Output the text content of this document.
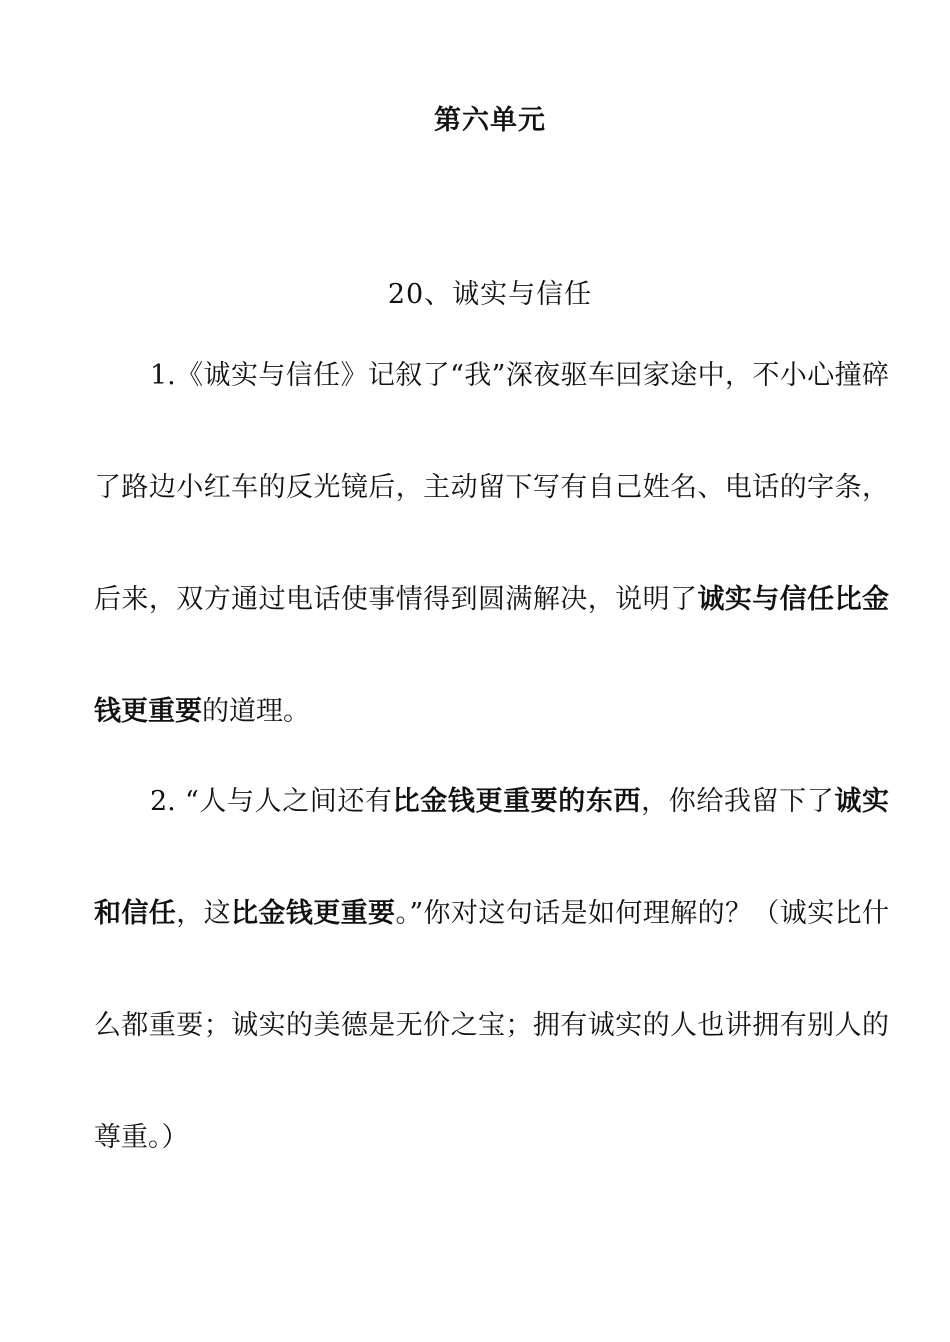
第六单元
20、诚实与信任
1.《诚实与信任》记叙了“我”深夜驱车回家途中，不小心撞碎了路边小红车的反光镜后，主动留下写有自己姓名、电话的字条，后来，双方通过电话使事情得到圆满解决，说明了诚实与信任比金钱更重要的道理。
2. “人与人之间还有比金钱更重要的东西，你给我留下了诚实和信任，这比金钱更重要。”你对这句话是如何理解的？（诚实比什么都重要；诚实的美德是无价之宝；拥有诚实的人也讲拥有别人的尊重。）
